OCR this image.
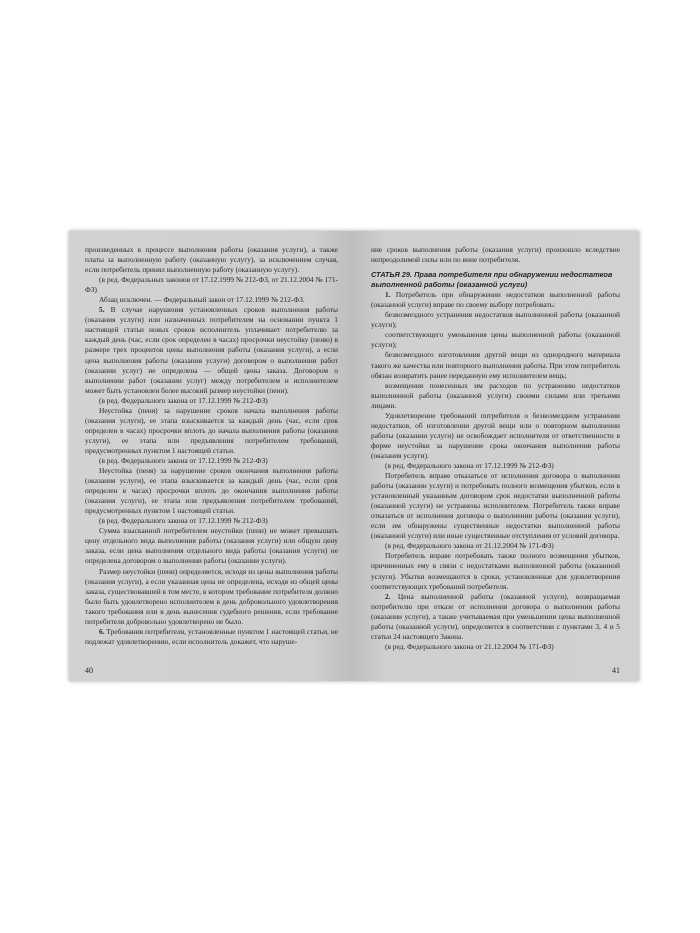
произведенных в процессе выполнения работы (оказания услуги), а также платы за выполненную работу (оказанную услугу), за исключением случая, если потребитель принял выполненную работу (оказанную услугу).

(в ред. Федеральных законов от 17.12.1999 № 212-ФЗ, от 21.12.2004 № 171-ФЗ)

Абзац исключен. — Федеральный закон от 17.12.1999 № 212-ФЗ.

5. В случае нарушения установленных сроков выполнения работы (оказания услуги) или назначенных потребителем на основании пункта 1 настоящей статьи новых сроков исполнитель уплачивает потребителю за каждый день (час, если срок определен в часах) просрочки неустойку (пеню) в размере трех процентов цены выполнения работы (оказания услуги), а если цена выполнения работы (оказания услуги) договором о выполнении работ (оказании услуг) не определена — общей цены заказа. Договором о выполнении работ (оказании услуг) между потребителем и исполнителем может быть установлен более высокий размер неустойки (пени).

(в ред. Федерального закона от 17.12.1999 № 212-ФЗ)

Неустойка (пеня) за нарушение сроков начала выполнения работы (оказания услуги), ее этапа взыскивается за каждый день (час, если срок определен в часах) просрочки вплоть до начала выполнения работы (оказания услуги), ее этапа или предъявления потребителем требований, предусмотренных пунктом 1 настоящей статьи.

(в ред. Федерального закона от 17.12.1999 № 212-ФЗ)

Неустойка (пеня) за нарушение сроков окончания выполнения работы (оказания услуги), ее этапа взыскивается за каждый день (час, если срок определен в часах) просрочки вплоть до окончания выполнения работы (оказания услуги), ее этапа или предъявления потребителем требований, предусмотренных пунктом 1 настоящей статьи.

(в ред. Федерального закона от 17.12.1999 № 212-ФЗ)

Сумма взысканной потребителем неустойки (пени) не может превышать цену отдельного вида выполнения работы (оказания услуги) или общую цену заказа, если цена выполнения отдельного вида работы (оказания услуги) не определена договором о выполнении работы (оказании услуги).

Размер неустойки (пени) определяется, исходя из цены выполнения работы (оказания услуги), а если указанная цена не определена, исходя из общей цены заказа, существовавшей в том месте, в котором требование потребителя должно было быть удовлетворено исполнителем в день добровольного удовлетворения такого требования или в день вынесения судебного решения, если требование потребителя добровольно удовлетворено не было.

6. Требования потребителя, установленные пунктом 1 настоящей статьи, не подлежат удовлетворению, если исполнитель докажет, что наруше-

40

ние сроков выполнения работы (оказания услуги) произошло вследствие непреодолимой силы или по вине потребителя.

СТАТЬЯ 29. Права потребителя при обнаружении недостатков выполненной работы (оказанной услуги)

1. Потребитель при обнаружении недостатков выполненной работы (оказанной услуги) вправе по своему выбору потребовать:

безвозмездного устранения недостатков выполненной работы (оказанной услуги);

соответствующего уменьшения цены выполненной работы (оказанной услуги);

безвозмездного изготовления другой вещи из однородного материала такого же качества или повторного выполнения работы. При этом потребитель обязан возвратить ранее переданную ему исполнителем вещь;

возмещения понесенных им расходов по устранению недостатков выполненной работы (оказанной услуги) своими силами или третьими лицами.

Удовлетворение требований потребителя о безвозмездном устранении недостатков, об изготовлении другой вещи или о повторном выполнении работы (оказании услуги) не освобождает исполнителя от ответственности в форме неустойки за нарушение срока окончания выполнения работы (оказания услуги).

(в ред. Федерального закона от 17.12.1999 № 212-ФЗ)

Потребитель вправе отказаться от исполнения договора о выполнении работы (оказании услуги) и потребовать полного возмещения убытков, если в установленный указанным договором срок недостатки выполненной работы (оказанной услуги) не устранены исполнителем. Потребитель также вправе отказаться от исполнения договора о выполнении работы (оказании услуги), если им обнаружены существенные недостатки выполненной работы (оказанной услуги) или иные существенные отступления от условий договора.

(в ред. Федерального закона от 21.12.2004 № 171-ФЗ)

Потребитель вправе потребовать также полного возмещения убытков, причиненных ему в связи с недостатками выполненной работы (оказанной услуги). Убытки возмещаются в сроки, установленные для удовлетворения соответствующих требований потребителя.

2. Цена выполненной работы (оказанной услуги), возвращаемая потребителю при отказе от исполнения договора о выполнении работы (оказании услуги), а также учитываемая при уменьшении цены выполненной работы (оказанной услуги), определяется в соответствии с пунктами 3, 4 и 5 статьи 24 настоящего Закона.

(в ред. Федерального закона от 21.12.2004 № 171-ФЗ)

41
